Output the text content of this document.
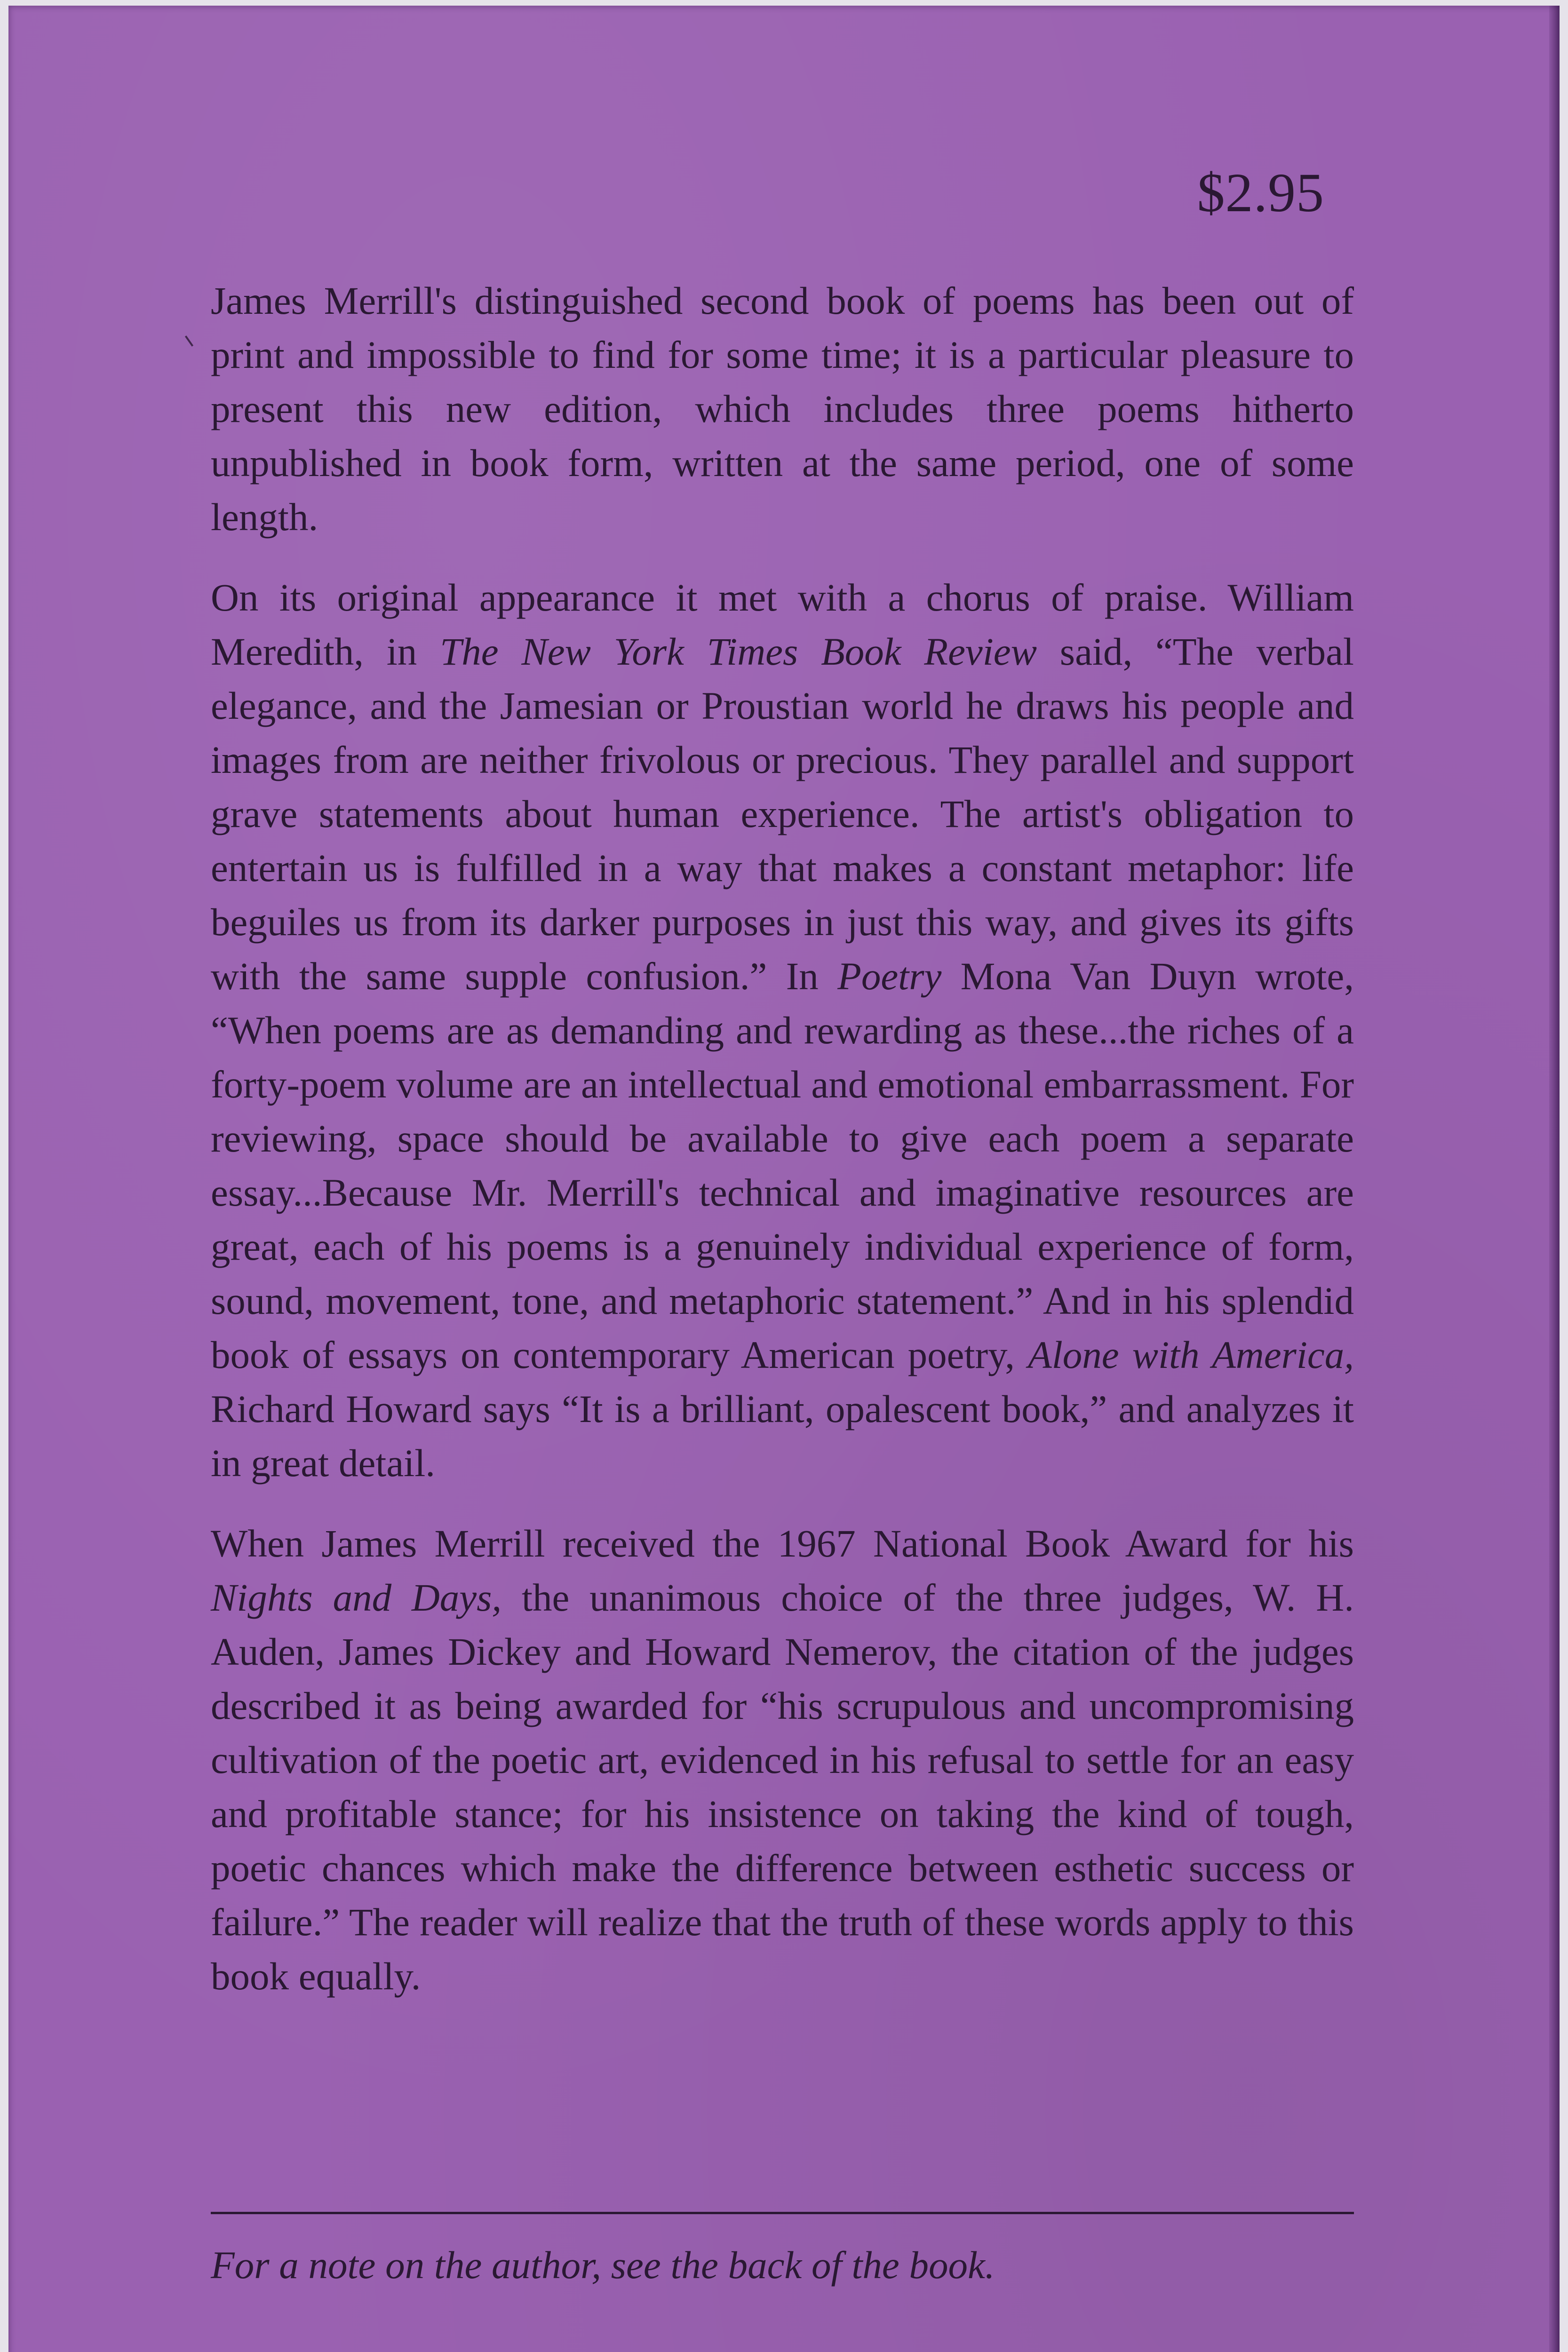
$2.95

James Merrill's distinguished second book of poems has been out of print and impossible to find for some time; it is a particular pleasure to present this new edition, which includes three poems hitherto unpublished in book form, written at the same period, one of some length.

On its original appearance it met with a chorus of praise. William Meredith, in The New York Times Book Review said, “The verbal elegance, and the Jamesian or Proustian world he draws his people and images from are neither frivolous or precious. They parallel and support grave statements about human experience. The artist's obligation to entertain us is fulfilled in a way that makes a constant metaphor: life beguiles us from its darker purposes in just this way, and gives its gifts with the same supple confusion.” In Poetry Mona Van Duyn wrote, “When poems are as demanding and rewarding as these...the riches of a forty-poem volume are an intellectual and emotional embarrassment. For reviewing, space should be available to give each poem a separate essay...Because Mr. Merrill's technical and imaginative resources are great, each of his poems is a genuinely individual experience of form, sound, movement, tone, and metaphoric statement.” And in his splendid book of essays on contemporary American poetry, Alone with America, Richard Howard says “It is a brilliant, opalescent book,” and analyzes it in great detail.

When James Merrill received the 1967 National Book Award for his Nights and Days, the unanimous choice of the three judges, W. H. Auden, James Dickey and Howard Nemerov, the citation of the judges described it as being awarded for “his scrupulous and uncompromising cultivation of the poetic art, evidenced in his refusal to settle for an easy and profitable stance; for his insistence on taking the kind of tough, poetic chances which make the difference between esthetic success or failure.” The reader will realize that the truth of these words apply to this book equally.

For a note on the author, see the back of the book.
